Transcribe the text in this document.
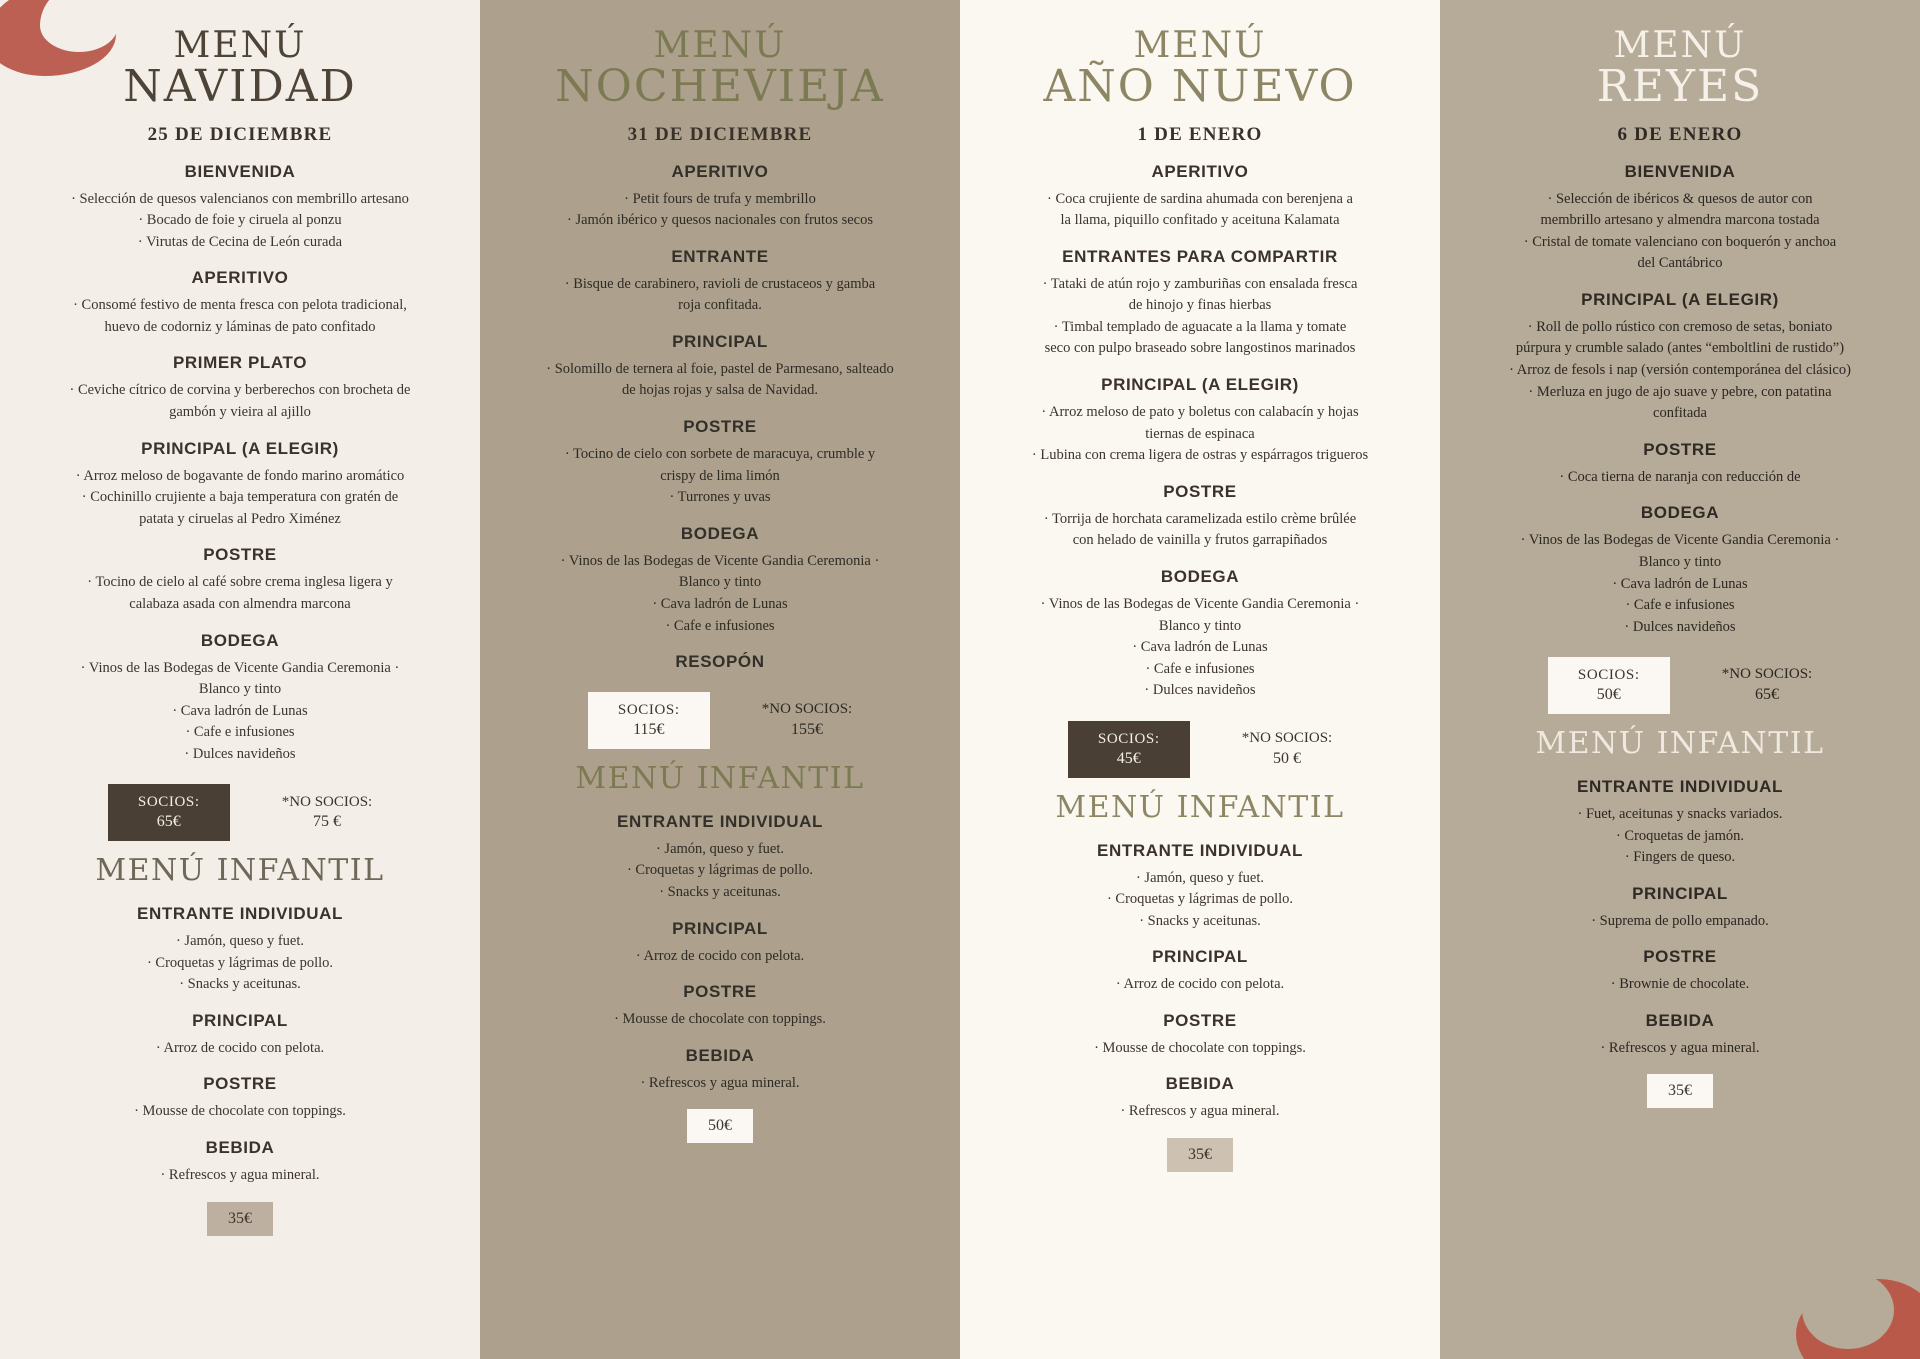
MENÚ
NAVIDAD
25 DE DICIEMBRE
BIENVENIDA
· Selección de quesos valencianos con membrillo artesano
· Bocado de foie y ciruela al ponzu
· Virutas de Cecina de León curada
APERITIVO
· Consomé festivo de menta fresca con pelota tradicional,
huevo de codorniz y láminas de pato confitado
PRIMER PLATO
· Ceviche cítrico de corvina y berberechos con brocheta de
gambón y vieira al ajillo
PRINCIPAL (A ELEGIR)
· Arroz meloso de bogavante de fondo marino aromático
· Cochinillo crujiente a baja temperatura con gratén de
patata y ciruelas al Pedro Ximénez
POSTRE
· Tocino de cielo al café sobre crema inglesa ligera y
calabaza asada con almendra marcona
BODEGA
· Vinos de las Bodegas de Vicente Gandia Ceremonia ·
Blanco y tinto
· Cava ladrón de Lunas
· Cafe e infusiones
· Dulces navideños
SOCIOS:
65€
*NO SOCIOS:
75 €
MENÚ INFANTIL
ENTRANTE INDIVIDUAL
· Jamón, queso y fuet.
· Croquetas y lágrimas de pollo.
· Snacks y aceitunas.
PRINCIPAL
· Arroz de cocido con pelota.
POSTRE
· Mousse de chocolate con toppings.
BEBIDA
· Refrescos y agua mineral.
35€
MENÚ
NOCHEVIEJA
31 DE DICIEMBRE
APERITIVO
· Petit fours de trufa y membrillo
· Jamón ibérico y quesos nacionales con frutos secos
ENTRANTE
· Bisque de carabinero, ravioli de crustaceos y gamba
roja confitada.
PRINCIPAL
· Solomillo de ternera al foie, pastel de Parmesano, salteado
de hojas rojas y salsa de Navidad.
POSTRE
· Tocino de cielo con sorbete de maracuya, crumble y
crispy de lima limón
· Turrones y uvas
BODEGA
· Vinos de las Bodegas de Vicente Gandia Ceremonia ·
Blanco y tinto
· Cava ladrón de Lunas
· Cafe e infusiones
RESOPÓN
SOCIOS:
115€
*NO SOCIOS:
155€
MENÚ INFANTIL
ENTRANTE INDIVIDUAL
· Jamón, queso y fuet.
· Croquetas y lágrimas de pollo.
· Snacks y aceitunas.
PRINCIPAL
· Arroz de cocido con pelota.
POSTRE
· Mousse de chocolate con toppings.
BEBIDA
· Refrescos y agua mineral.
50€
MENÚ
AÑO NUEVO
1 DE ENERO
APERITIVO
· Coca crujiente de sardina ahumada con berenjena a
la llama, piquillo confitado y aceituna Kalamata
ENTRANTES PARA COMPARTIR
· Tataki de atún rojo y zamburiñas con ensalada fresca
de hinojo y finas hierbas
· Timbal templado de aguacate a la llama y tomate
seco con pulpo braseado sobre langostinos marinados
PRINCIPAL (A ELEGIR)
· Arroz meloso de pato y boletus con calabacín y hojas
tiernas de espinaca
· Lubina con crema ligera de ostras y espárragos trigueros
POSTRE
· Torrija de horchata caramelizada estilo crème brûlée
con helado de vainilla y frutos garrapiñados
BODEGA
· Vinos de las Bodegas de Vicente Gandia Ceremonia ·
Blanco y tinto
· Cava ladrón de Lunas
· Cafe e infusiones
· Dulces navideños
SOCIOS:
45€
*NO SOCIOS:
50 €
MENÚ INFANTIL
ENTRANTE INDIVIDUAL
· Jamón, queso y fuet.
· Croquetas y lágrimas de pollo.
· Snacks y aceitunas.
PRINCIPAL
· Arroz de cocido con pelota.
POSTRE
· Mousse de chocolate con toppings.
BEBIDA
· Refrescos y agua mineral.
35€
MENÚ
REYES
6 DE ENERO
BIENVENIDA
· Selección de ibéricos & quesos de autor con
membrillo artesano y almendra marcona tostada
· Cristal de tomate valenciano con boquerón y anchoa
del Cantábrico
PRINCIPAL (A ELEGIR)
· Roll de pollo rústico con cremoso de setas, boniato
púrpura y crumble salado (antes “emboltlini de rustido”)
· Arroz de fesols i nap (versión contemporánea del clásico)
· Merluza en jugo de ajo suave y pebre, con patatina
confitada
POSTRE
· Coca tierna de naranja con reducción de
BODEGA
· Vinos de las Bodegas de Vicente Gandia Ceremonia ·
Blanco y tinto
· Cava ladrón de Lunas
· Cafe e infusiones
· Dulces navideños
SOCIOS:
50€
*NO SOCIOS:
65€
MENÚ INFANTIL
ENTRANTE INDIVIDUAL
· Fuet, aceitunas y snacks variados.
· Croquetas de jamón.
· Fingers de queso.
PRINCIPAL
· Suprema de pollo empanado.
POSTRE
· Brownie de chocolate.
BEBIDA
· Refrescos y agua mineral.
35€
